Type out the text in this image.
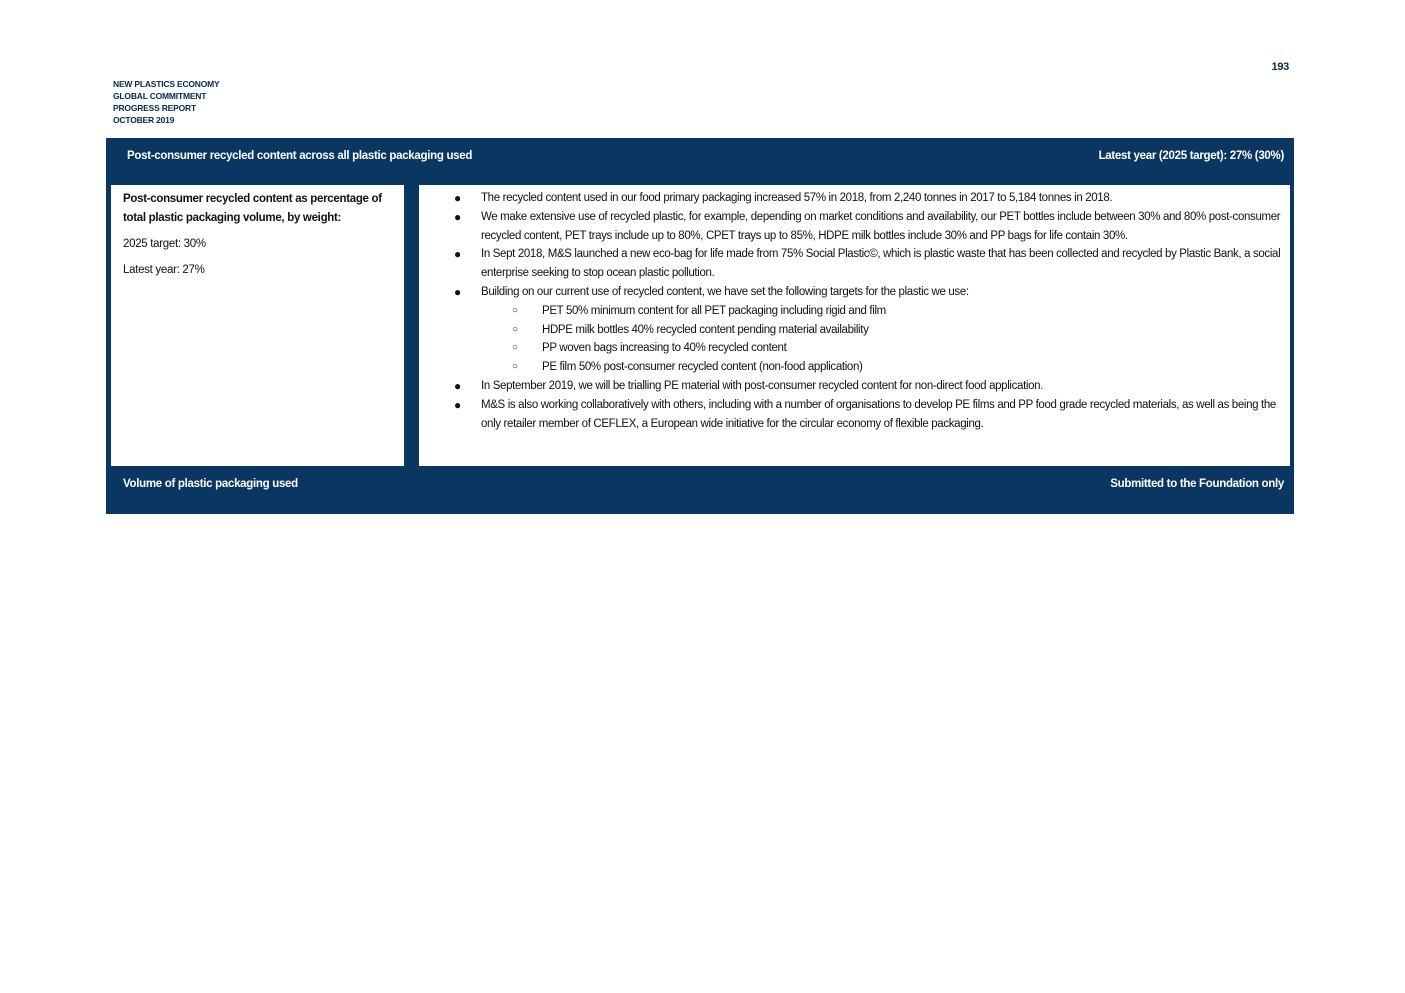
193
NEW PLASTICS ECONOMY
GLOBAL COMMITMENT
PROGRESS REPORT
OCTOBER 2019
Post-consumer recycled content across all plastic packaging used	Latest year (2025 target): 27% (30%)
Post-consumer recycled content as percentage of total plastic packaging volume, by weight:
2025 target: 30%
Latest year: 27%
● The recycled content used in our food primary packaging increased 57% in 2018, from 2,240 tonnes in 2017 to 5,184 tonnes in 2018.
● We make extensive use of recycled plastic, for example, depending on market conditions and availability, our PET bottles include between 30% and 80% post-consumer recycled content, PET trays include up to 80%, CPET trays up to 85%, HDPE milk bottles include 30% and PP bags for life contain 30%.
● In Sept 2018, M&S launched a new eco-bag for life made from 75% Social Plastic©, which is plastic waste that has been collected and recycled by Plastic Bank, a social enterprise seeking to stop ocean plastic pollution.
● Building on our current use of recycled content, we have set the following targets for the plastic we use:
○ PET 50% minimum content for all PET packaging including rigid and film
○ HDPE milk bottles 40% recycled content pending material availability
○ PP woven bags increasing to 40% recycled content
○ PE film 50% post-consumer recycled content (non-food application)
● In September 2019, we will be trialling PE material with post-consumer recycled content for non-direct food application.
● M&S is also working collaboratively with others, including with a number of organisations to develop PE films and PP food grade recycled materials, as well as being the only retailer member of CEFLEX, a European wide initiative for the circular economy of flexible packaging.
Volume of plastic packaging used	Submitted to the Foundation only
